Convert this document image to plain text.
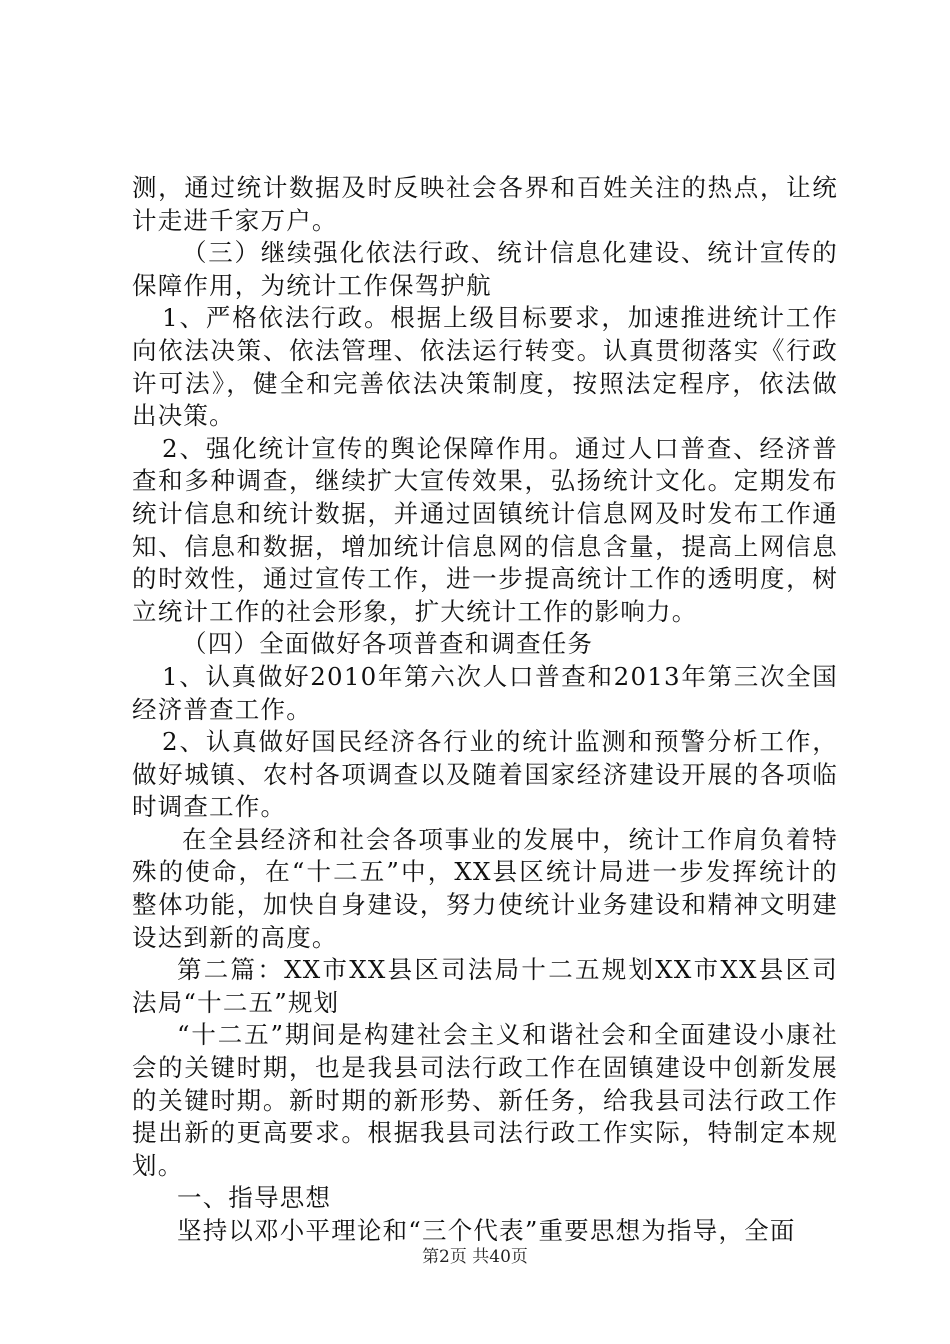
测，通过统计数据及时反映社会各界和百姓关注的热点，让统计走进千家万户。

（三）继续强化依法行政、统计信息化建设、统计宣传的保障作用，为统计工作保驾护航

1、严格依法行政。根据上级目标要求，加速推进统计工作向依法决策、依法管理、依法运行转变。认真贯彻落实《行政许可法》，健全和完善依法决策制度，按照法定程序，依法做出决策。

2、强化统计宣传的舆论保障作用。通过人口普查、经济普查和多种调查，继续扩大宣传效果，弘扬统计文化。定期发布统计信息和统计数据，并通过固镇统计信息网及时发布工作通知、信息和数据，增加统计信息网的信息含量，提高上网信息的时效性，通过宣传工作，进一步提高统计工作的透明度，树立统计工作的社会形象，扩大统计工作的影响力。

（四）全面做好各项普查和调查任务

1、认真做好2010年第六次人口普查和2013年第三次全国经济普查工作。

2、认真做好国民经济各行业的统计监测和预警分析工作，做好城镇、农村各项调查以及随着国家经济建设开展的各项临时调查工作。

在全县经济和社会各项事业的发展中，统计工作肩负着特殊的使命，在“十二五”中，XX县区统计局进一步发挥统计的整体功能，加快自身建设，努力使统计业务建设和精神文明建设达到新的高度。

第二篇：XX市XX县区司法局十二五规划XX市XX县区司法局“十二五”规划

“十二五”期间是构建社会主义和谐社会和全面建设小康社会的关键时期，也是我县司法行政工作在固镇建设中创新发展的关键时期。新时期的新形势、新任务，给我县司法行政工作提出新的更高要求。根据我县司法行政工作实际，特制定本规划。

一、指导思想

坚持以邓小平理论和“三个代表”重要思想为指导，全面

第2页 共40页
